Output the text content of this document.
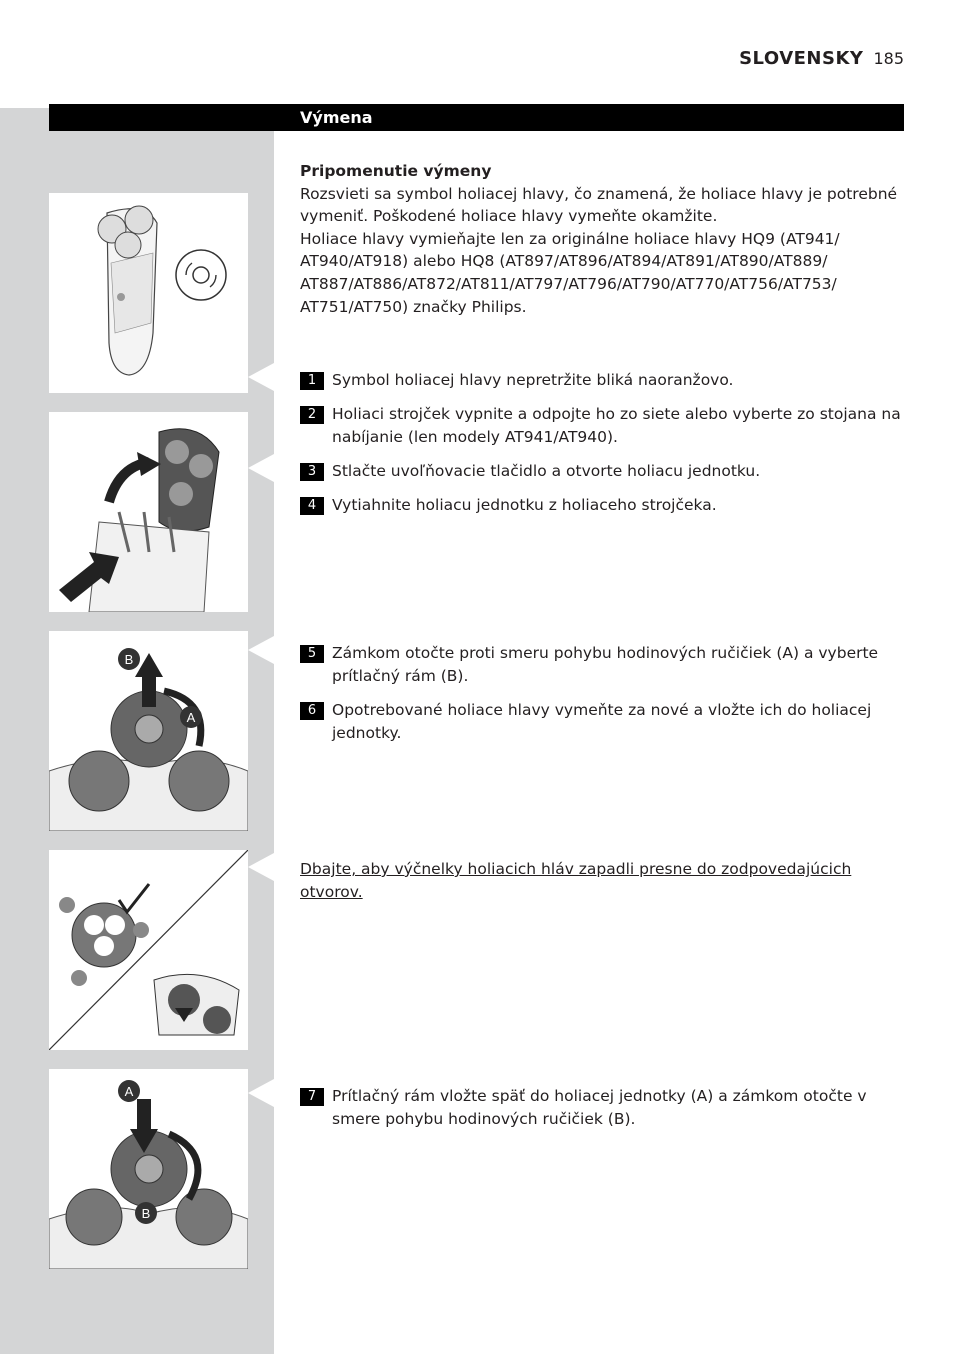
SLOVENSKY 185
Výmena
Pripomenutie výmeny
Rozsvieti sa symbol holiacej hlavy, čo znamená, že holiace hlavy je potrebné vymeniť. Poškodené holiace hlavy vymeňte okamžite.
Holiace hlavy vymieňajte len za originálne holiace hlavy HQ9 (AT941/ AT940/AT918) alebo HQ8 (AT897/AT896/AT894/AT891/AT890/AT889/ AT887/AT886/AT872/AT811/AT797/AT796/AT790/AT770/AT756/AT753/ AT751/AT750) značky Philips.
1	Symbol holiacej hlavy nepretržite bliká naoranžovo.
2	Holiaci strojček vypnite a odpojte ho zo siete alebo vyberte zo stojana na nabíjanie (len modely AT941/AT940).
3	Stlačte uvoľňovacie tlačidlo a otvorte holiacu jednotku.
4	Vytiahnite holiacu jednotku z holiaceho strojčeka.
5	Zámkom otočte proti smeru pohybu hodinových ručičiek (A) a vyberte prítlačný rám (B).
6	Opotrebované holiace hlavy vymeňte za nové a vložte ich do holiacej jednotky.
Dbajte, aby výčnelky holiacich hláv zapadli presne do zodpovedajúcich otvorov.
7	Prítlačný rám vložte späť do holiacej jednotky (A) a zámkom otočte v smere pohybu hodinových ručičiek (B).
B
A
A
B
